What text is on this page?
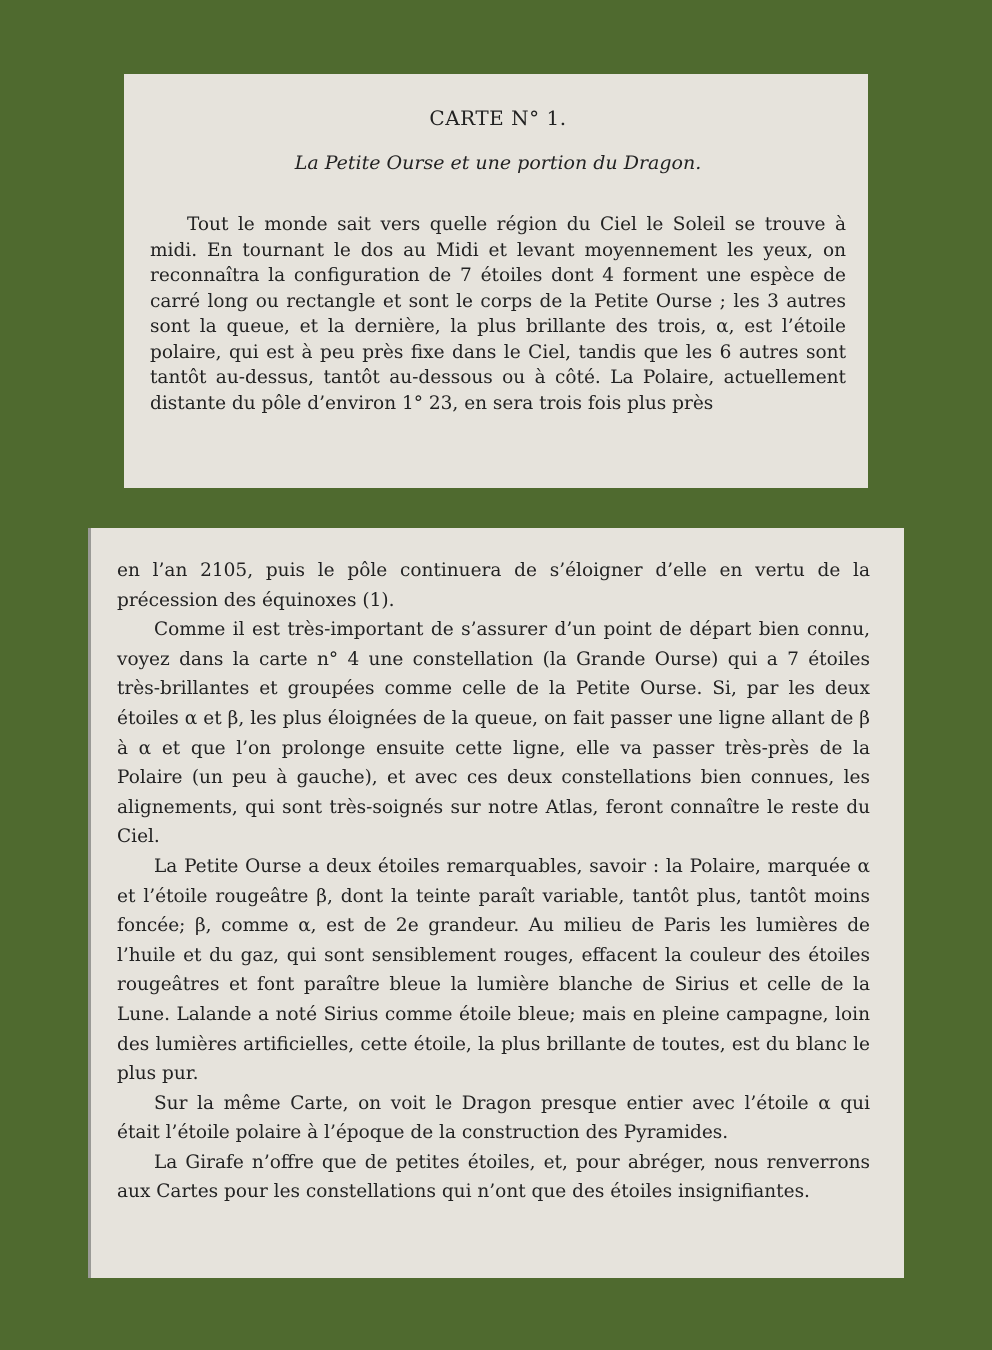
CARTE N° 1.
La Petite Ourse et une portion du Dragon.

Tout le monde sait vers quelle région du Ciel le Soleil se trouve à midi. En tournant le dos au Midi et levant moyennement les yeux, on reconnaîtra la configuration de 7 étoiles dont 4 forment une espèce de carré long ou rectangle et sont le corps de la Petite Ourse ; les 3 autres sont la queue, et la dernière, la plus brillante des trois, α, est l’étoile polaire, qui est à peu près fixe dans le Ciel, tandis que les 6 autres sont tantôt au-dessus, tantôt au-dessous ou à côté. La Polaire, actuellement distante du pôle d’environ 1° 23, en sera trois fois plus près

en l’an 2105, puis le pôle continuera de s’éloigner d’elle en vertu de la précession des équinoxes (1).

Comme il est très-important de s’assurer d’un point de départ bien connu, voyez dans la carte n° 4 une constellation (la Grande Ourse) qui a 7 étoiles très-brillantes et groupées comme celle de la Petite Ourse. Si, par les deux étoiles α et β, les plus éloignées de la queue, on fait passer une ligne allant de β à α et que l’on prolonge ensuite cette ligne, elle va passer très-près de la Polaire (un peu à gauche), et avec ces deux constellations bien connues, les alignements, qui sont très-soignés sur notre Atlas, feront connaître le reste du Ciel.

La Petite Ourse a deux étoiles remarquables, savoir : la Polaire, marquée α et l’étoile rougeâtre β, dont la teinte paraît variable, tantôt plus, tantôt moins foncée; β, comme α, est de 2e grandeur. Au milieu de Paris les lumières de l’huile et du gaz, qui sont sensiblement rouges, effacent la couleur des étoiles rougeâtres et font paraître bleue la lumière blanche de Sirius et celle de la Lune. Lalande a noté Sirius comme étoile bleue; mais en pleine campagne, loin des lumières artificielles, cette étoile, la plus brillante de toutes, est du blanc le plus pur.

Sur la même Carte, on voit le Dragon presque entier avec l’étoile α qui était l’étoile polaire à l’époque de la construction des Pyramides.

La Girafe n’offre que de petites étoiles, et, pour abréger, nous renverrons aux Cartes pour les constellations qui n’ont que des étoiles insignifiantes.
